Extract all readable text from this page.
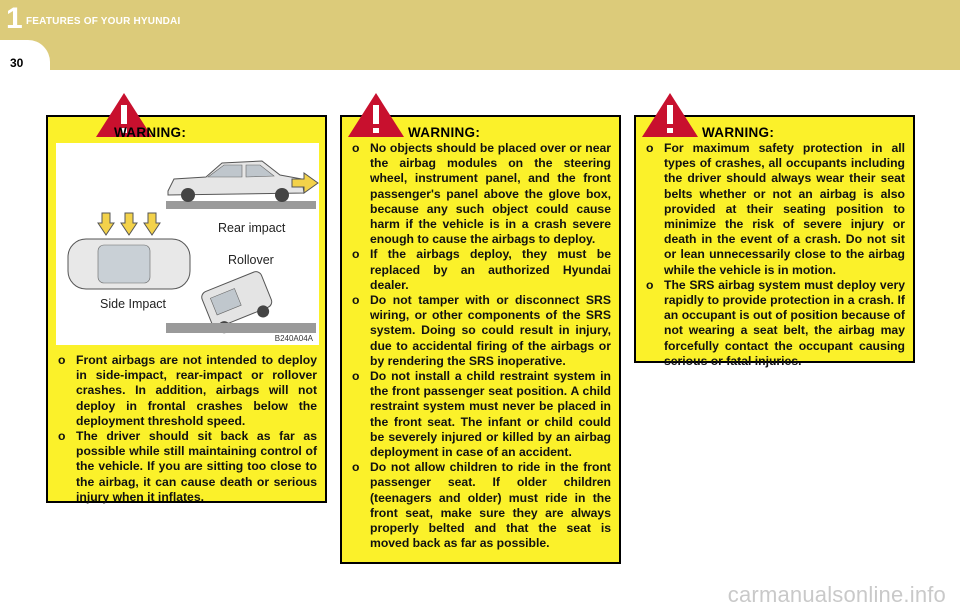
1 FEATURES OF YOUR HYUNDAI
30
WARNING:
Rear impact
Rollover
Side Impact
B240A04A
o Front airbags are not intended to deploy in side-impact, rear-impact or rollover crashes. In addition, airbags will not deploy in frontal crashes below the deployment threshold speed.
o The driver should sit back as far as possible while still maintaining control of the vehicle. If you are sitting too close to the airbag, it can cause death or serious injury when it inflates.
WARNING:
o No objects should be placed over or near the airbag modules on the steering wheel, instrument panel, and the front passenger's panel above the glove box, because any such object could cause harm if the vehicle is in a crash severe enough to cause the airbags to deploy.
o If the airbags deploy, they must be replaced by an authorized Hyundai dealer.
o Do not tamper with or disconnect SRS wiring, or other components of the SRS system. Doing so could result in injury, due to accidental firing of the airbags or by rendering the SRS inoperative.
o Do not install a child restraint system in the front passenger seat position. A child restraint system must never be placed in the front seat. The infant or child could be severely injured or killed by an airbag deployment in case of an accident.
o Do not allow children to ride in the front passenger seat. If older children (teenagers and older) must ride in the front seat, make sure they are always properly belted and that the seat is moved back as far as possible.
WARNING:
o For maximum safety protection in all types of crashes, all occupants including the driver should always wear their seat belts whether or not an airbag is also provided at their seating position to minimize the risk of severe injury or death in the event of a crash. Do not sit or lean unnecessarily close to the airbag while the vehicle is in motion.
o The SRS airbag system must deploy very rapidly to provide protection in a crash. If an occupant is out of position because of not wearing a seat belt, the airbag may forcefully contact the occupant causing serious or fatal injuries.
carmanualsonline.info
